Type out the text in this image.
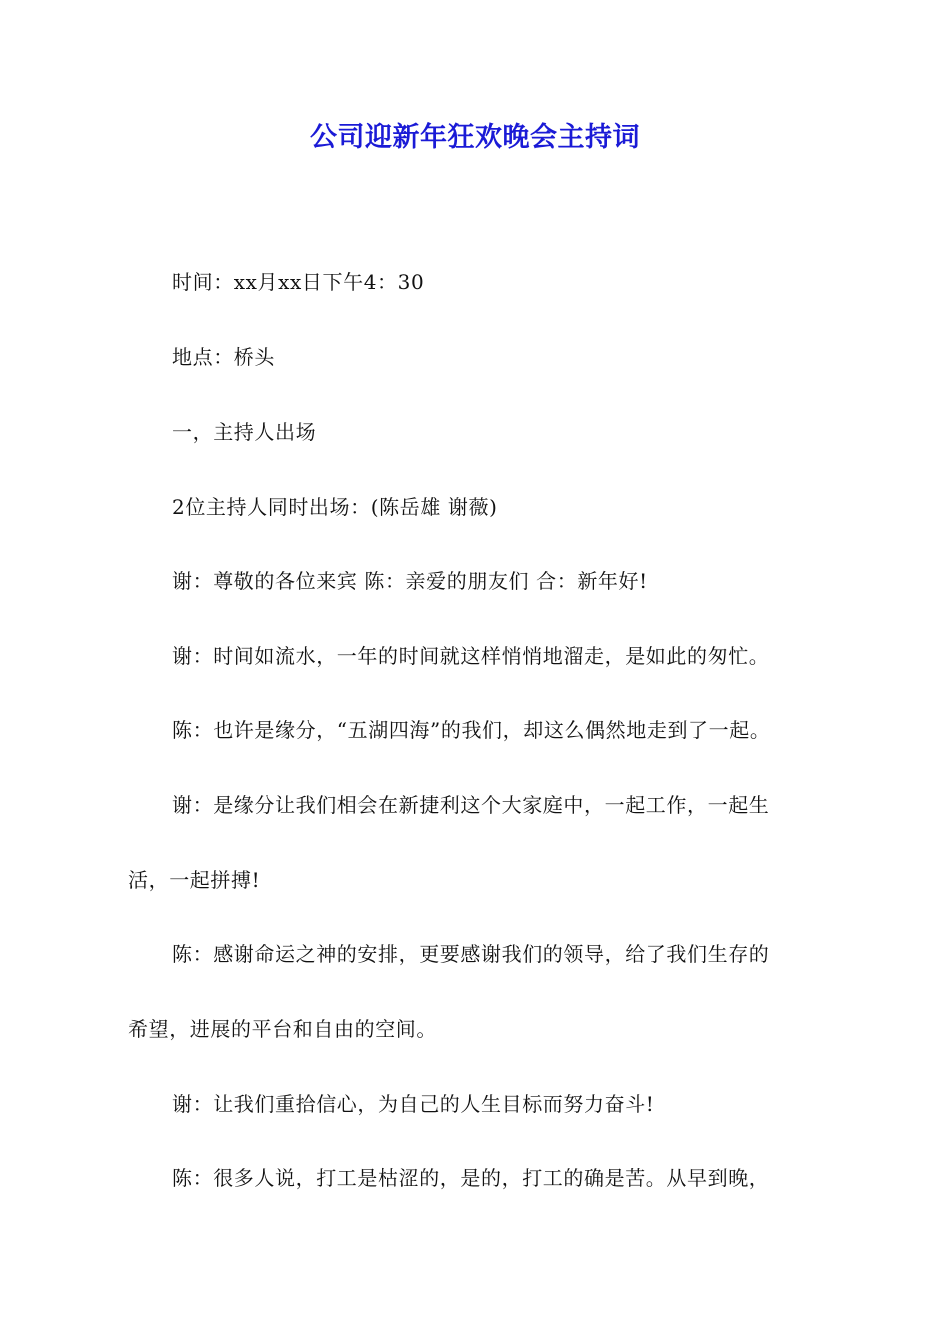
公司迎新年狂欢晚会主持词
时间：xx月xx日下午4：30
地点：桥头
一，主持人出场
2位主持人同时出场：(陈岳雄 谢薇)
谢：尊敬的各位来宾 陈：亲爱的朋友们 合：新年好!
谢：时间如流水，一年的时间就这样悄悄地溜走，是如此的匆忙。
陈：也许是缘分，“五湖四海”的我们，却这么偶然地走到了一起。
谢：是缘分让我们相会在新捷利这个大家庭中，一起工作，一起生
活，一起拼搏!
陈：感谢命运之神的安排，更要感谢我们的领导，给了我们生存的
希望，进展的平台和自由的空间。
谢：让我们重拾信心，为自己的人生目标而努力奋斗!
陈：很多人说，打工是枯涩的，是的，打工的确是苦。从早到晚，
